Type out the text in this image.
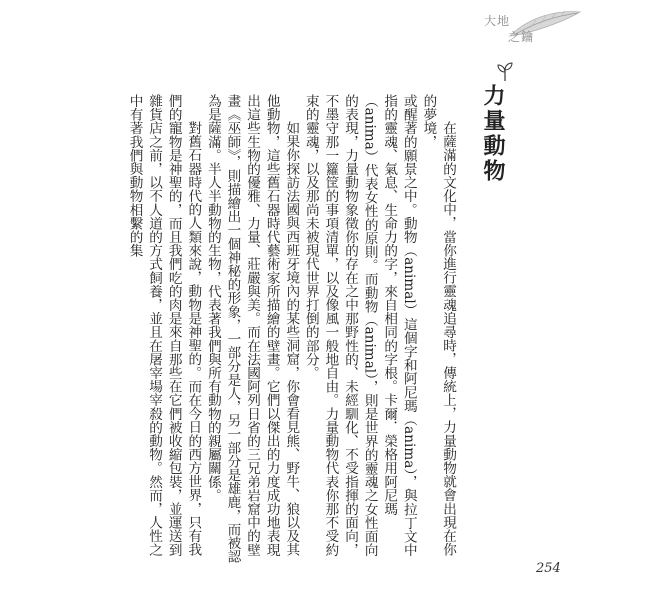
大地
之鑰
力量動物

在薩滿的文化中，當你進行靈魂追尋時，傳統上，力量動物就會出現在你的夢境，

或醒著的願景之中。動物（animal）這個字和阿尼瑪（anima），與拉丁文中指的靈魂、氣息、生命力的字，來自相同的字根。卡爾．榮格用阿尼瑪（anima）代表女性的原則。而動物（animal），則是世界的靈魂之女性面向的表現，力量動物象徵你的存在之中那野性的、未經馴化、不受指揮的面向，不墨守那一籮筐的事項清單，以及像風一般地自由。力量動物代表你那不受約束的靈魂，以及那尚未被現代世界打倒的部分。

如果你探訪法國與西班牙境內的某些洞窟，你會看見熊、野牛、狼以及其他動物，這些舊石器時代藝術家所描繪的壁畫。它們以傑出的力度成功地表現出這些生物的優雅、力量、莊嚴與美。而在法國阿列日省的三兄弟岩窟中的壁畫《巫師》，則描繪出一個神秘的形象，一部分是人，另一部分是雄鹿，而被認為是薩滿。半人半動物的生物，代表著我們與所有動物的親屬關係。

對舊石器時代的人類來說，動物是神聖的。而在今日的西方世界，只有我們的寵物是神聖的，而且我們吃的肉是來自那些在它們被收縮包裝，並運送到雜貨店之前，以不人道的方式飼養，並且在屠宰場宰殺的動物。然而，人性之中有著我們與動物相繫的集

254
